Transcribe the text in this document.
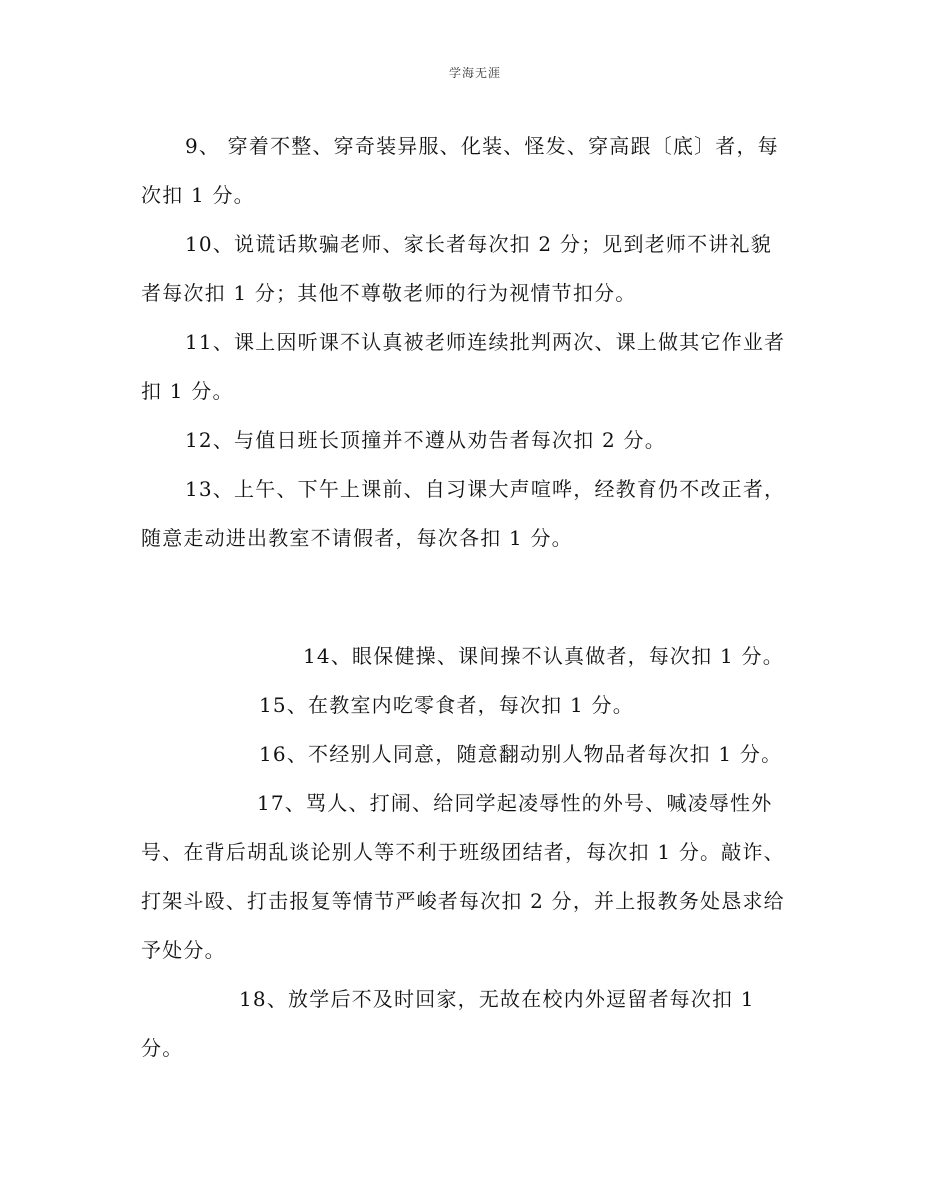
学海无涯

9、 穿着不整、穿奇装异服、化装、怪发、穿高跟〔底〕者，每次扣 1 分。

10、说谎话欺骗老师、家长者每次扣 2 分；见到老师不讲礼貌者每次扣 1 分；其他不尊敬老师的行为视情节扣分。

11、课上因听课不认真被老师连续批判两次、课上做其它作业者扣 1 分。

12、与值日班长顶撞并不遵从劝告者每次扣 2 分。

13、上午、下午上课前、自习课大声喧哗，经教育仍不改正者，随意走动进出教室不请假者，每次各扣 1 分。

14、眼保健操、课间操不认真做者，每次扣 1 分。

15、在教室内吃零食者，每次扣 1 分。

16、不经别人同意，随意翻动别人物品者每次扣 1 分。

17、骂人、打闹、给同学起凌辱性的外号、喊凌辱性外号、在背后胡乱谈论别人等不利于班级团结者，每次扣 1 分。敲诈、打架斗殴、打击报复等情节严峻者每次扣 2 分，并上报教务处恳求给予处分。

18、放学后不及时回家，无故在校内外逗留者每次扣 1 分。
